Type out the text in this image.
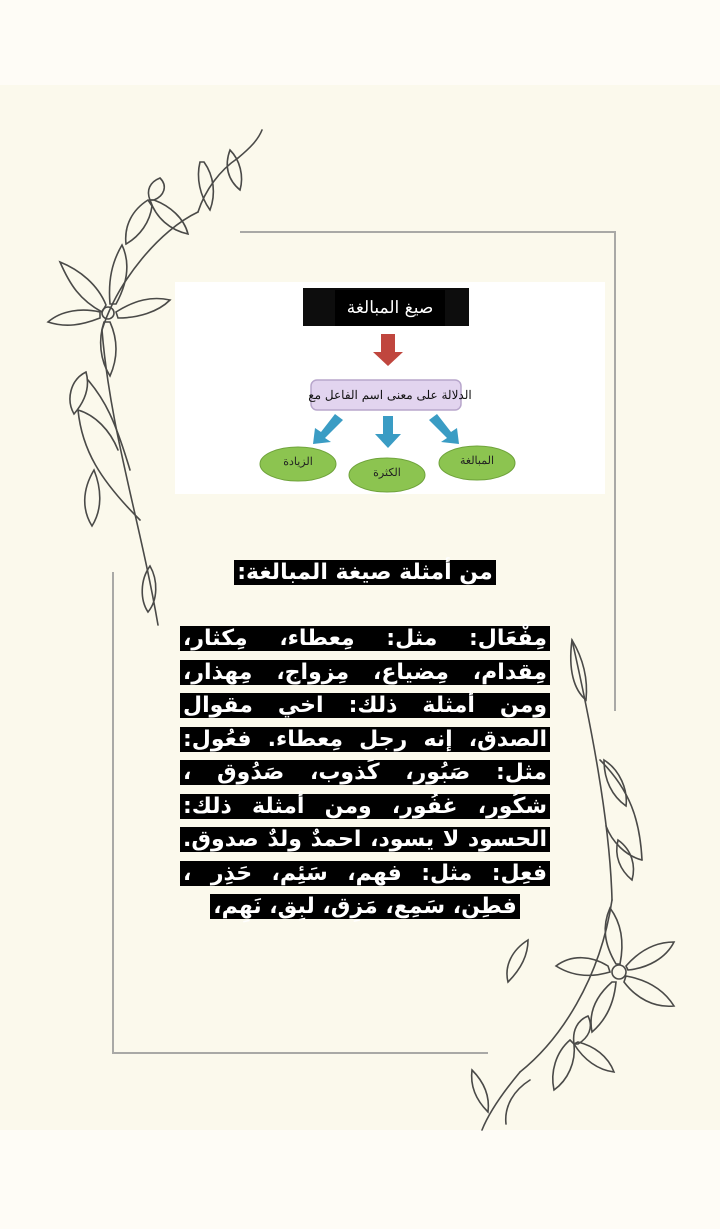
صيغ المبالغة
الدلالة على معنى اسم الفاعل مع
الزيادة
الكثرة
المبالغة
من أمثلة صيغة المبالغة:
مِفْعَال: مثل: مِعطاء، مِكثار، مِقدام، مِضياع، مِزواج، مِهذار، ومن أمثلة ذلك: اخي مقوال الصدق، إنه رجل مِعطاء. فعُول: مثل: صَبُور، كَذوب، صَدُوق ، شكُور، غفُور، ومن أمثلة ذلك: الحسود لا يسود، احمدٌ ولدٌ صدوق. فعِل: مثل: فهم، سَئِم، حَذِر ، فطِن، سَمِع، مَزِق، لبِق، نَهِم،
